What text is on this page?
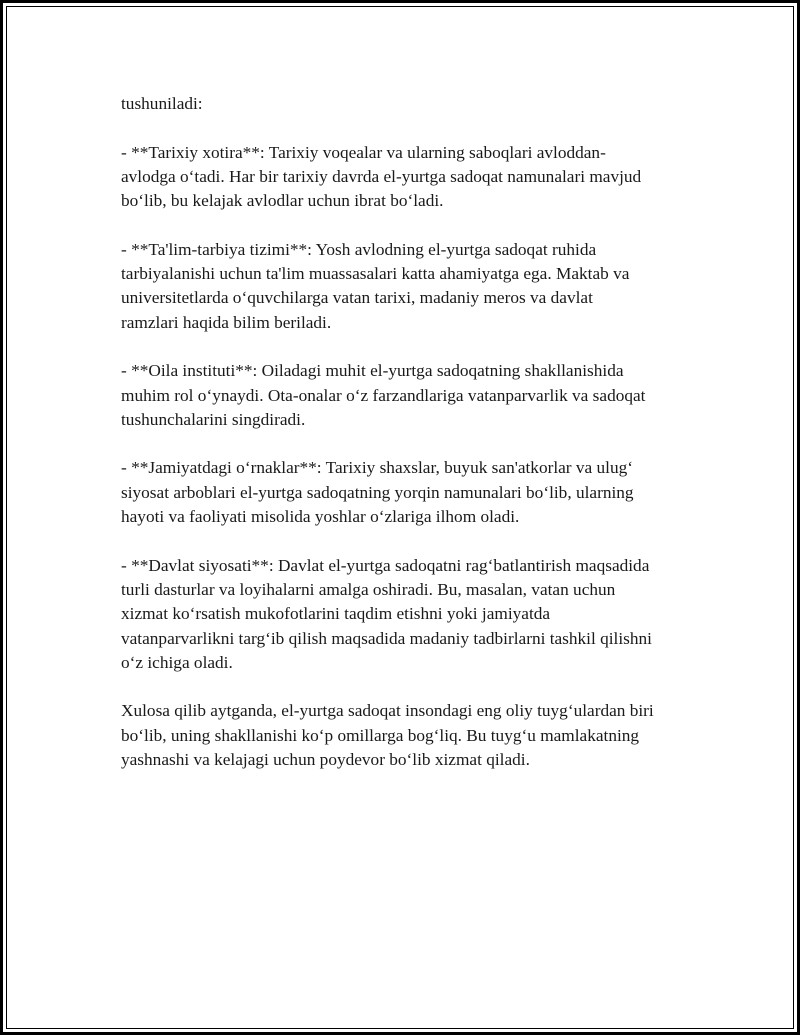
tushuniladi:

- **Tarixiy xotira**: Tarixiy voqealar va ularning saboqlari avloddan-
avlodga o‘tadi. Har bir tarixiy davrda el-yurtga sadoqat namunalari mavjud
bo‘lib, bu kelajak avlodlar uchun ibrat bo‘ladi.

- **Ta'lim-tarbiya tizimi**: Yosh avlodning el-yurtga sadoqat ruhida
tarbiyalanishi uchun ta'lim muassasalari katta ahamiyatga ega. Maktab va
universitetlarda o‘quvchilarga vatan tarixi, madaniy meros va davlat
ramzlari haqida bilim beriladi.

- **Oila instituti**: Oiladagi muhit el-yurtga sadoqatning shakllanishida
muhim rol o‘ynaydi. Ota-onalar o‘z farzandlariga vatanparvarlik va sadoqat
tushunchalarini singdiradi.

- **Jamiyatdagi o‘rnaklar**: Tarixiy shaxslar, buyuk san'atkorlar va ulug‘
siyosat arboblari el-yurtga sadoqatning yorqin namunalari bo‘lib, ularning
hayoti va faoliyati misolida yoshlar o‘zlariga ilhom oladi.

- **Davlat siyosati**: Davlat el-yurtga sadoqatni rag‘batlantirish maqsadida
turli dasturlar va loyihalarni amalga oshiradi. Bu, masalan, vatan uchun
xizmat ko‘rsatish mukofotlarini taqdim etishni yoki jamiyatda
vatanparvarlikni targ‘ib qilish maqsadida madaniy tadbirlarni tashkil qilishni
o‘z ichiga oladi.

Xulosa qilib aytganda, el-yurtga sadoqat insondagi eng oliy tuyg‘ulardan biri
bo‘lib, uning shakllanishi ko‘p omillarga bog‘liq. Bu tuyg‘u mamlakatning
yashnashi va kelajagi uchun poydevor bo‘lib xizmat qiladi.
